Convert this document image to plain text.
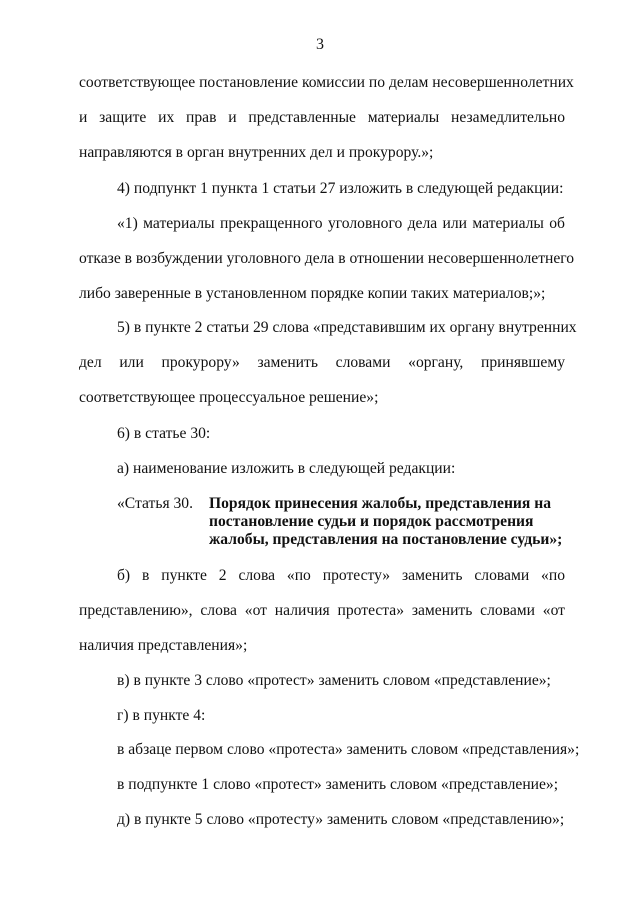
3
соответствующее постановление комиссии по делам несовершеннолетних
и защите их прав и представленные материалы незамедлительно
направляются в орган внутренних дел и прокурору.»;
4) подпункт 1 пункта 1 статьи 27 изложить в следующей редакции:
«1) материалы прекращенного уголовного дела или материалы об
отказе в возбуждении уголовного дела в отношении несовершеннолетнего
либо заверенные в установленном порядке копии таких материалов;»;
5) в пункте 2 статьи 29 слова «представившим их органу внутренних
дел или прокурору» заменить словами «органу, принявшему
соответствующее процессуальное решение»;
6) в статье 30:
а) наименование изложить в следующей редакции:
«Статья 30. Порядок принесения жалобы, представления на
постановление судьи и порядок рассмотрения
жалобы, представления на постановление судьи»;
б) в пункте 2 слова «по протесту» заменить словами «по
представлению», слова «от наличия протеста» заменить словами «от
наличия представления»;
в) в пункте 3 слово «протест» заменить словом «представление»;
г) в пункте 4:
в абзаце первом слово «протеста» заменить словом «представления»;
в подпункте 1 слово «протест» заменить словом «представление»;
д) в пункте 5 слово «протесту» заменить словом «представлению»;
